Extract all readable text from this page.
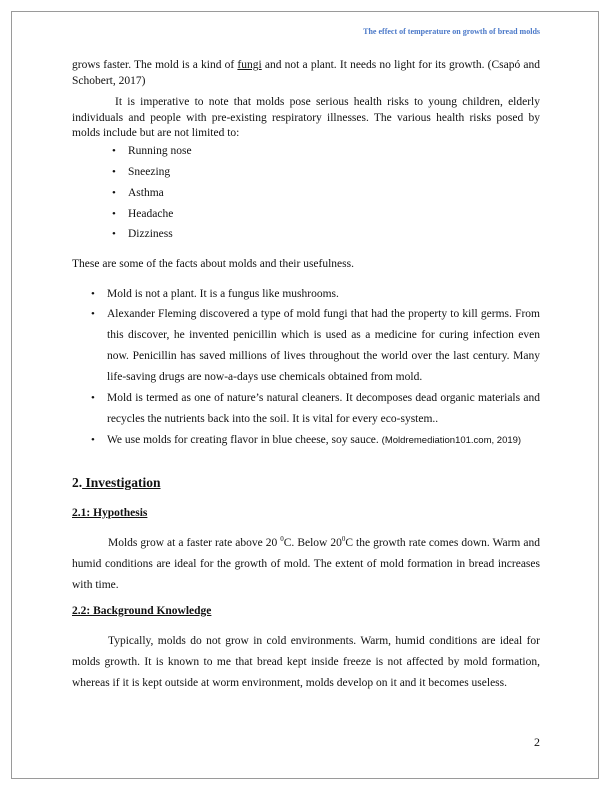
The effect of temperature on growth of bread molds

grows faster. The mold is a kind of fungi and not a plant. It needs no light for its growth. (Csapó and Schobert, 2017)

It is imperative to note that molds pose serious health risks to young children, elderly individuals and people with pre-existing respiratory illnesses. The various health risks posed by molds include but are not limited to:

• Running nose
• Sneezing
• Asthma
• Headache
• Dizziness

These are some of the facts about molds and their usefulness.

• Mold is not a plant. It is a fungus like mushrooms.

• Alexander Fleming discovered a type of mold fungi that had the property to kill germs. From this discover, he invented penicillin which is used as a medicine for curing infection even now. Penicillin has saved millions of lives throughout the world over the last century. Many life-saving drugs are now-a-days use chemicals obtained from mold.

• Mold is termed as one of nature’s natural cleaners. It decomposes dead organic materials and recycles the nutrients back into the soil. It is vital for every eco-system..

• We use molds for creating flavor in blue cheese, soy sauce. (Moldremediation101.com, 2019)

2. Investigation
2.1: Hypothesis

Molds grow at a faster rate above 20 $^0$C. Below $20^0C$ the growth rate comes down. Warm and humid conditions are ideal for the growth of mold. The extent of mold formation in bread increases with time.

2.2: Background Knowledge

Typically, molds do not grow in cold environments. Warm, humid conditions are ideal for molds growth. It is known to me that bread kept inside freeze is not affected by mold formation, whereas if it is kept outside at worm environment, molds develop on it and it becomes useless.

2
